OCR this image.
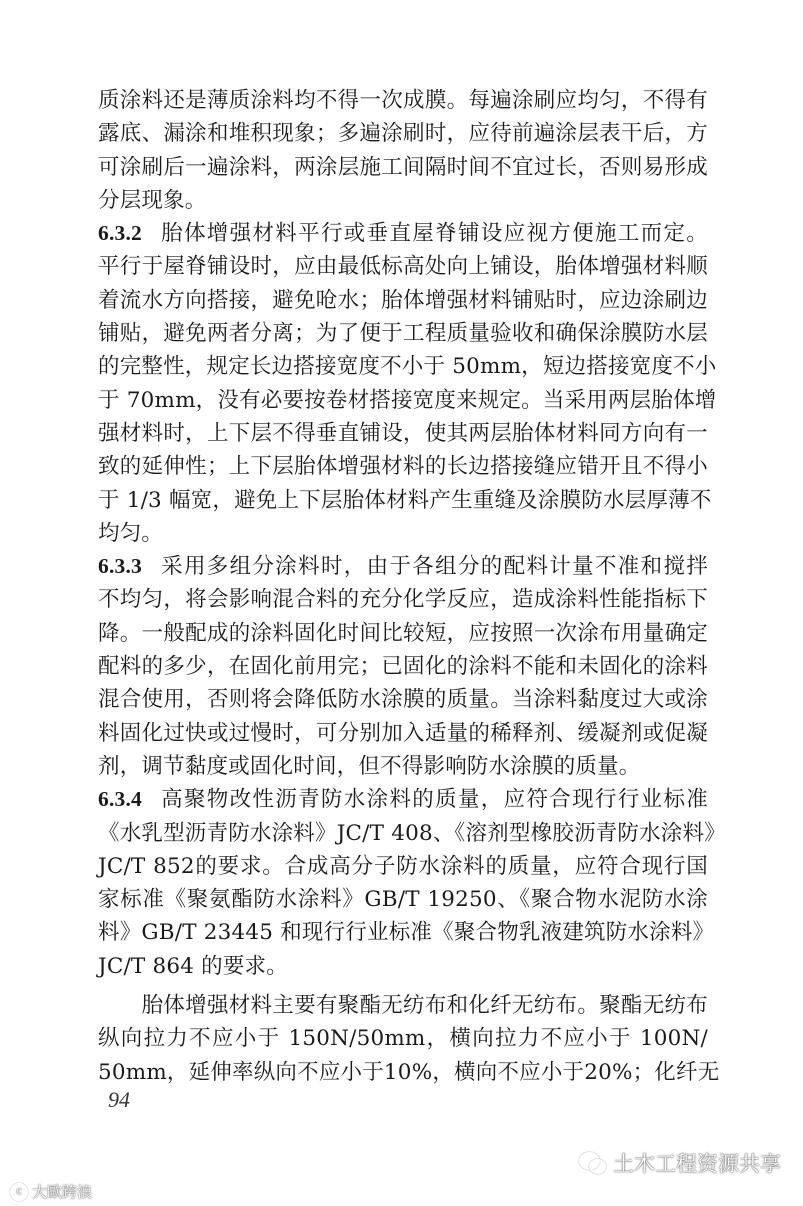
质涂料还是薄质涂料均不得一次成膜。每遍涂刷应均匀，不得有
露底、漏涂和堆积现象；多遍涂刷时，应待前遍涂层表干后，方
可涂刷后一遍涂料，两涂层施工间隔时间不宜过长，否则易形成
分层现象。
6.3.2 胎体增强材料平行或垂直屋脊铺设应视方便施工而定。
平行于屋脊铺设时，应由最低标高处向上铺设，胎体增强材料顺
着流水方向搭接，避免呛水；胎体增强材料铺贴时，应边涂刷边
铺贴，避免两者分离；为了便于工程质量验收和确保涂膜防水层
的完整性，规定长边搭接宽度不小于 50mm，短边搭接宽度不小
于 70mm，没有必要按卷材搭接宽度来规定。当采用两层胎体增
强材料时，上下层不得垂直铺设，使其两层胎体材料同方向有一
致的延伸性；上下层胎体增强材料的长边搭接缝应错开且不得小
于 1/3 幅宽，避免上下层胎体材料产生重缝及涂膜防水层厚薄不
均匀。
6.3.3 采用多组分涂料时，由于各组分的配料计量不准和搅拌
不均匀，将会影响混合料的充分化学反应，造成涂料性能指标下
降。一般配成的涂料固化时间比较短，应按照一次涂布用量确定
配料的多少，在固化前用完；已固化的涂料不能和未固化的涂料
混合使用，否则将会降低防水涂膜的质量。当涂料黏度过大或涂
料固化过快或过慢时，可分别加入适量的稀释剂、缓凝剂或促凝
剂，调节黏度或固化时间，但不得影响防水涂膜的质量。
6.3.4 高聚物改性沥青防水涂料的质量，应符合现行行业标准
《水乳型沥青防水涂料》JC/T 408、《溶剂型橡胶沥青防水涂料》
JC/T 852的要求。合成高分子防水涂料的质量，应符合现行国
家标准《聚氨酯防水涂料》GB/T 19250、《聚合物水泥防水涂
料》GB/T 23445 和现行行业标准《聚合物乳液建筑防水涂料》
JC/T 864 的要求。
　　胎体增强材料主要有聚酯无纺布和化纤无纺布。聚酯无纺布
纵向拉力不应小于 150N/50mm，横向拉力不应小于 100N/
50mm，延伸率纵向不应小于10%，横向不应小于20%；化纤无
94
土木工程资源共享
c 大歐跨浪
